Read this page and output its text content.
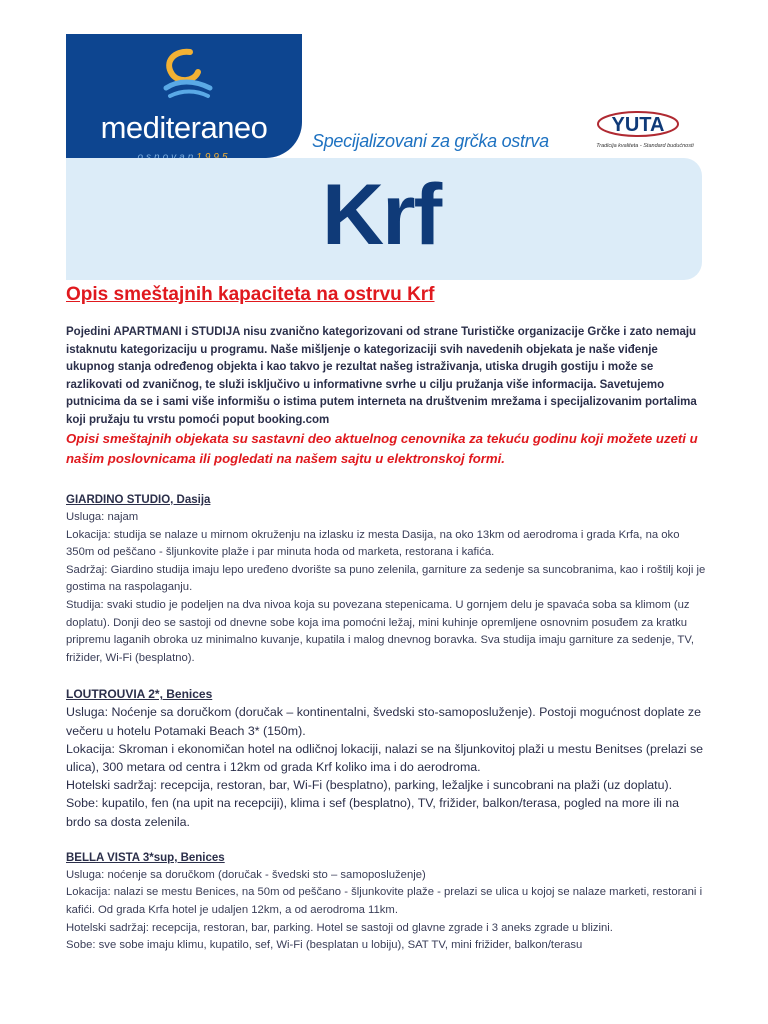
mediteraneo	Specijalizovani za grčka ostrva
YUTA
Tradicija kvaliteta - Standard budućnosti
Krf
Opis smeštajnih kapaciteta na ostrvu Krf

Pojedini APARTMANI i STUDIJA nisu zvanično kategorizovani od strane Turističke organizacije Grčke i zato nemaju istaknutu kategorizaciju u programu. Naše mišljenje o kategorizaciji svih navedenih objekata je naše viđenje ukupnog stanja određenog objekta i kao takvo je rezultat našeg istraživanja, utiska drugih gostiju i može se razlikovati od zvaničnog, te služi isključivo u informativne svrhe u cilju pružanja više informacija. Savetujemo putnicima da se i sami više informišu o istima putem interneta na društvenim mrežama i specijalizovanim portalima koji pružaju tu vrstu pomoći poput booking.com

Opisi smeštajnih objekata su sastavni deo aktuelnog cenovnika za tekuću godinu koji možete uzeti u našim poslovnicama ili pogledati na našem sajtu u elektronskoj formi.

GIARDINO STUDIO, Dasija

Usluga: najam

Lokacija: studija se nalaze u mirnom okruženju na izlasku iz mesta Dasija, na oko 13km od aerodroma i grada Krfa, na oko 350m od peščano - šljunkovite plaže i par minuta hoda od marketa, restorana i kafića.

Sadržaj: Giardino studija imaju lepo uređeno dvorište sa puno zelenila, garniture za sedenje sa suncobranima, kao i roštilj koji je gostima na raspolaganju.

Studija: svaki studio je podeljen na dva nivoa koja su povezana stepenicama. U gornjem delu je spavaća soba sa klimom (uz doplatu). Donji deo se sastoji od dnevne sobe koja ima pomoćni ležaj, mini kuhinje opremljene osnovnim posuđem za kratku pripremu laganih obroka uz minimalno kuvanje, kupatila i malog dnevnog boravka. Sva studija imaju garniture za sedenje, TV, frižider, Wi-Fi (besplatno).

LOUTROUVIA 2*, Benices

Usluga: Noćenje sa doručkom (doručak – kontinentalni, švedski sto-samoposluženje). Postoji mogućnost doplate ze večeru u hotelu Potamaki Beach 3* (150m).

Lokacija: Skroman i ekonomičan hotel na odličnoj lokaciji, nalazi se na šljunkovitoj plaži u mestu Benitses (prelazi se ulica), 300 metara od centra i 12km od grada Krf koliko ima i do aerodroma.

Hotelski sadržaj: recepcija, restoran, bar, Wi-Fi (besplatno), parking, ležaljke i suncobrani na plaži (uz doplatu).

Sobe: kupatilo, fen (na upit na recepciji), klima i sef (besplatno), TV, frižider, balkon/terasa, pogled na more ili na brdo sa dosta zelenila.

BELLA VISTA 3*sup, Benices

Usluga: noćenje sa doručkom (doručak - švedski sto – samoposluženje)

Lokacija: nalazi se mestu Benices, na 50m od peščano - šljunkovite plaže - prelazi se ulica u kojoj se nalaze marketi, restorani i kafići. Od grada Krfa hotel je udaljen 12km, a od aerodroma 11km.

Hotelski sadržaj: recepcija, restoran, bar, parking. Hotel se sastoji od glavne zgrade i 3 aneks zgrade u blizini.

Sobe: sve sobe imaju klimu, kupatilo, sef, Wi-Fi (besplatan u lobiju), SAT TV, mini frižider, balkon/terasu
